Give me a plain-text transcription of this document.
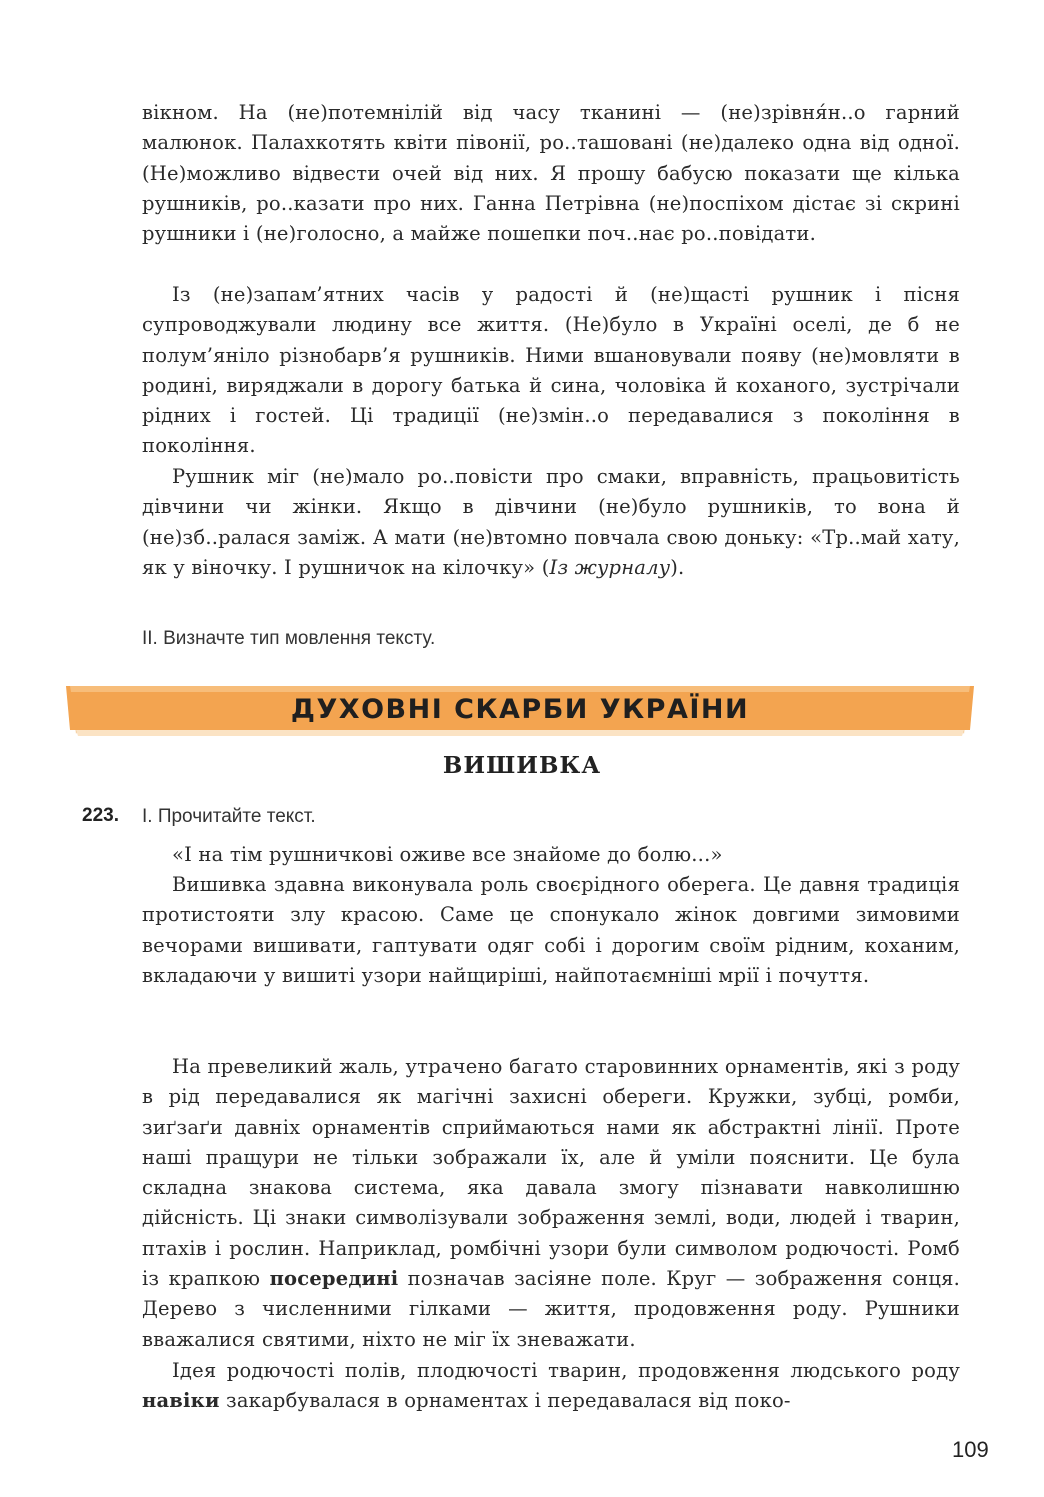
вікном. На (не)потемнілій від часу тканині — (не)зрівня́н..о гарний малюнок. Палахкотять квіти півонії, ро..ташовані (не)далеко одна від одної. (Не)можливо відвести очей від них. Я прошу бабусю показати ще кілька рушників, ро..казати про них. Ганна Петрівна (не)поспіхом дістає зі скрині рушники і (не)голосно, а майже пошепки поч..нає ро..повідати.
Із (не)запам’ятних часів у радості й (не)щасті рушник і пісня супроводжували людину все життя. (Не)було в Україні оселі, де б не полум’яніло різнобарв’я рушників. Ними вшановували появу (не)мовляти в родині, виряджали в дорогу батька й сина, чоловіка й коханого, зустрічали рідних і гостей. Ці традиції (не)змін..о передавалися з покоління в покоління.
Рушник міг (не)мало ро..повісти про смаки, вправність, працьовитість дівчини чи жінки. Якщо в дівчини (не)було рушників, то вона й (не)зб..ралася заміж. А мати (не)втомно повчала свою доньку: «Тр..май хату, як у віночку. І рушничок на кілочку» (Із журналу).
II. Визначте тип мовлення тексту.
ДУХОВНІ СКАРБИ УКРАЇНИ
ВИШИВКА
223. I. Прочитайте текст.
«І на тім рушничкові оживе все знайоме до болю...»
Вишивка здавна виконувала роль своєрідного оберега. Це давня традиція протистояти злу красою. Саме це спонукало жінок довгими зимовими вечорами вишивати, гаптувати одяг собі і дорогим своїм рідним, коханим, вкладаючи у вишиті узори найщиріші, найпотаємніші мрії і почуття.
На превеликий жаль, утрачено багато старовинних орнаментів, які з роду в рід передавалися як магічні захисні обереги. Кружки, зубці, ромби, зиґзаґи давніх орнаментів сприймаються нами як абстрактні лінії. Проте наші пращури не тільки зображали їх, але й уміли пояснити. Це була складна знакова система, яка давала змогу пізнавати навколишню дійсність. Ці знаки символізували зображення землі, води, людей і тварин, птахів і рослин. Наприклад, ромбічні узори були символом родючості. Ромб із крапкою посередині позначав засіяне поле. Круг — зображення сонця. Дерево з численними гілками — життя, продовження роду. Рушники вважалися святими, ніхто не міг їх зневажати.
Ідея родючості полів, плодючості тварин, продовження людського роду навіки закарбувалася в орнаментах і передавалася від поко-
109
